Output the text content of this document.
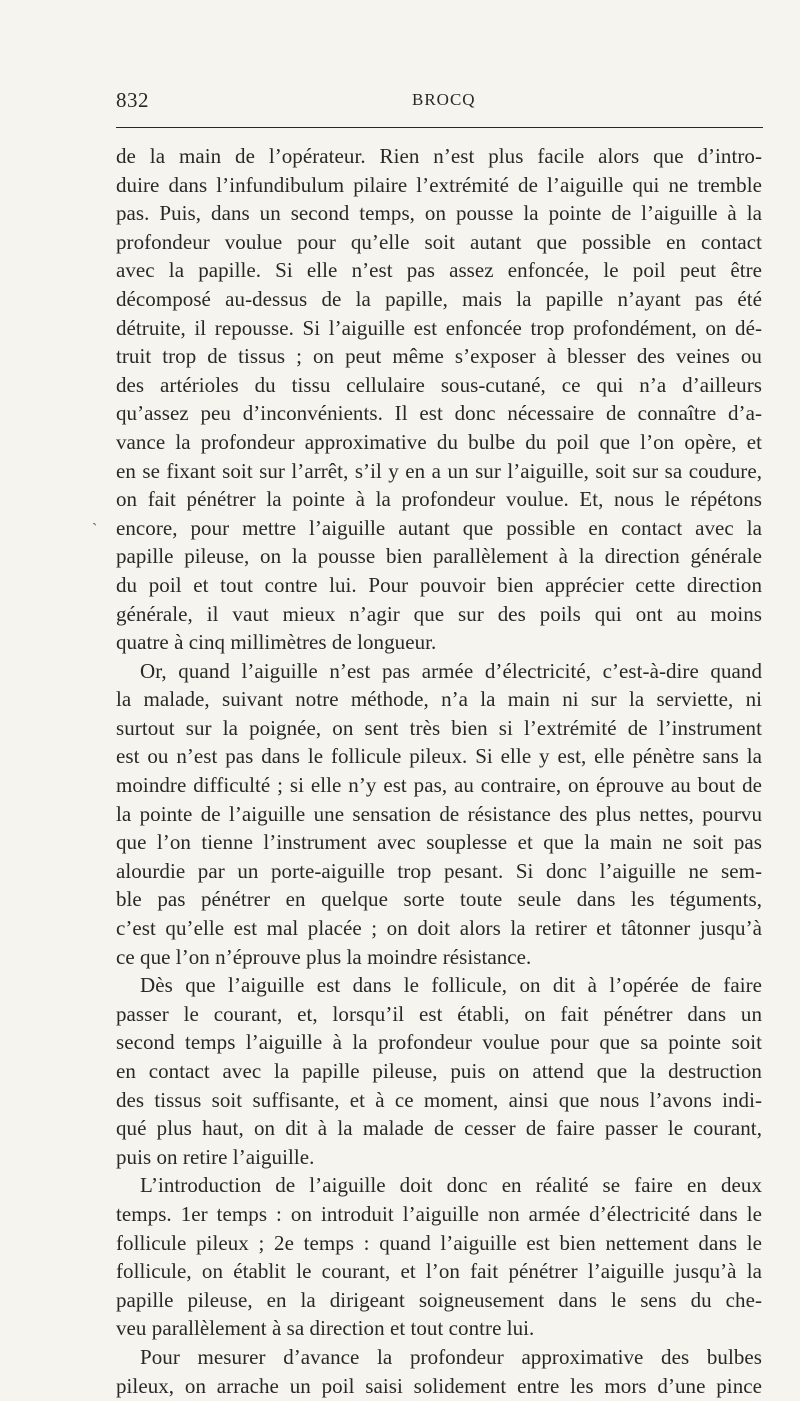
832	BROCQ
ˎ
de la main de l’opérateur. Rien n’est plus facile alors que d’intro-
duire dans l’infundibulum pilaire l’extrémité de l’aiguille qui ne tremble
pas. Puis, dans un second temps, on pousse la pointe de l’aiguille à la
profondeur voulue pour qu’elle soit autant que possible en contact
avec la papille. Si elle n’est pas assez enfoncée, le poil peut être
décomposé au-dessus de la papille, mais la papille n’ayant pas été
détruite, il repousse. Si l’aiguille est enfoncée trop profondément, on dé-
truit trop de tissus ; on peut même s’exposer à blesser des veines ou
des artérioles du tissu cellulaire sous-cutané, ce qui n’a d’ailleurs
qu’assez peu d’inconvénients. Il est donc nécessaire de connaître d’a-
vance la profondeur approximative du bulbe du poil que l’on opère, et
en se fixant soit sur l’arrêt, s’il y en a un sur l’aiguille, soit sur sa coudure,
on fait pénétrer la pointe à la profondeur voulue. Et, nous le répétons
encore, pour mettre l’aiguille autant que possible en contact avec la
papille pileuse, on la pousse bien parallèlement à la direction générale
du poil et tout contre lui. Pour pouvoir bien apprécier cette direction
générale, il vaut mieux n’agir que sur des poils qui ont au moins
quatre à cinq millimètres de longueur.
Or, quand l’aiguille n’est pas armée d’électricité, c’est-à-dire quand
la malade, suivant notre méthode, n’a la main ni sur la serviette, ni
surtout sur la poignée, on sent très bien si l’extrémité de l’instrument
est ou n’est pas dans le follicule pileux. Si elle y est, elle pénètre sans la
moindre difficulté ; si elle n’y est pas, au contraire, on éprouve au bout de
la pointe de l’aiguille une sensation de résistance des plus nettes, pourvu
que l’on tienne l’instrument avec souplesse et que la main ne soit pas
alourdie par un porte-aiguille trop pesant. Si donc l’aiguille ne sem-
ble pas pénétrer en quelque sorte toute seule dans les téguments,
c’est qu’elle est mal placée ; on doit alors la retirer et tâtonner jusqu’à
ce que l’on n’éprouve plus la moindre résistance.
Dès que l’aiguille est dans le follicule, on dit à l’opérée de faire
passer le courant, et, lorsqu’il est établi, on fait pénétrer dans un
second temps l’aiguille à la profondeur voulue pour que sa pointe soit
en contact avec la papille pileuse, puis on attend que la destruction
des tissus soit suffisante, et à ce moment, ainsi que nous l’avons indi-
qué plus haut, on dit à la malade de cesser de faire passer le courant,
puis on retire l’aiguille.
L’introduction de l’aiguille doit donc en réalité se faire en deux
temps. 1er temps : on introduit l’aiguille non armée d’électricité dans le
follicule pileux ; 2e temps : quand l’aiguille est bien nettement dans le
follicule, on établit le courant, et l’on fait pénétrer l’aiguille jusqu’à la
papille pileuse, en la dirigeant soigneusement dans le sens du che-
veu parallèlement à sa direction et tout contre lui.
Pour mesurer d’avance la profondeur approximative des bulbes
pileux, on arrache un poil saisi solidement entre les mors d’une pince
